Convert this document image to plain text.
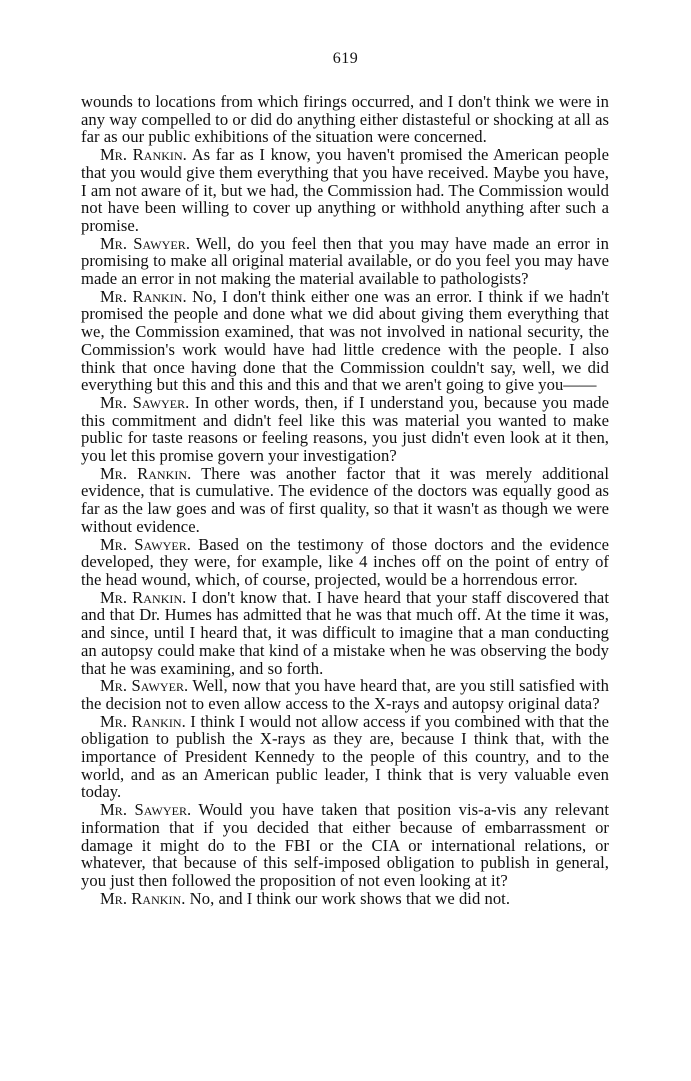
619

wounds to locations from which firings occurred, and I don't think we were in any way compelled to or did do anything either distasteful or shocking at all as far as our public exhibitions of the situation were concerned.

Mr. Rankin. As far as I know, you haven't promised the American people that you would give them everything that you have received. Maybe you have, I am not aware of it, but we had, the Commission had. The Commission would not have been willing to cover up anything or withhold anything after such a promise.

Mr. Sawyer. Well, do you feel then that you may have made an error in promising to make all original material available, or do you feel you may have made an error in not making the material available to pathologists?

Mr. Rankin. No, I don't think either one was an error. I think if we hadn't promised the people and done what we did about giving them everything that we, the Commission examined, that was not involved in national security, the Commission's work would have had little credence with the people. I also think that once having done that the Commission couldn't say, well, we did everything but this and this and this and that we aren't going to give you——

Mr. Sawyer. In other words, then, if I understand you, because you made this commitment and didn't feel like this was material you wanted to make public for taste reasons or feeling reasons, you just didn't even look at it then, you let this promise govern your investigation?

Mr. Rankin. There was another factor that it was merely additional evidence, that is cumulative. The evidence of the doctors was equally good as far as the law goes and was of first quality, so that it wasn't as though we were without evidence.

Mr. Sawyer. Based on the testimony of those doctors and the evidence developed, they were, for example, like 4 inches off on the point of entry of the head wound, which, of course, projected, would be a horrendous error.

Mr. Rankin. I don't know that. I have heard that your staff discovered that and that Dr. Humes has admitted that he was that much off. At the time it was, and since, until I heard that, it was difficult to imagine that a man conducting an autopsy could make that kind of a mistake when he was observing the body that he was examining, and so forth.

Mr. Sawyer. Well, now that you have heard that, are you still satisfied with the decision not to even allow access to the X-rays and autopsy original data?

Mr. Rankin. I think I would not allow access if you combined with that the obligation to publish the X-rays as they are, because I think that, with the importance of President Kennedy to the people of this country, and to the world, and as an American public leader, I think that is very valuable even today.

Mr. Sawyer. Would you have taken that position vis-a-vis any relevant information that if you decided that either because of embarrassment or damage it might do to the FBI or the CIA or international relations, or whatever, that because of this self-imposed obligation to publish in general, you just then followed the proposition of not even looking at it?

Mr. Rankin. No, and I think our work shows that we did not.
